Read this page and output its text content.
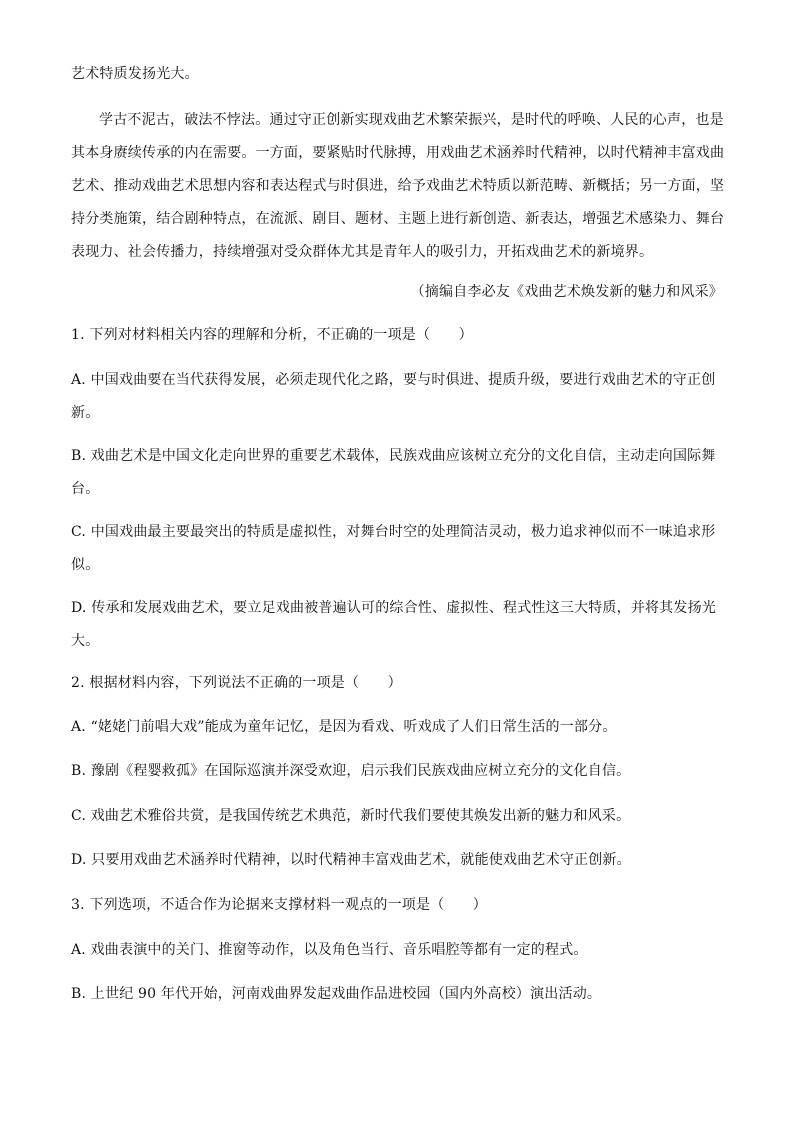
艺术特质发扬光大。
学古不泥古，破法不悖法。通过守正创新实现戏曲艺术繁荣振兴，是时代的呼唤、人民的心声，也是
其本身赓续传承的内在需要。一方面，要紧贴时代脉搏，用戏曲艺术涵养时代精神，以时代精神丰富戏曲
艺术、推动戏曲艺术思想内容和表达程式与时俱进，给予戏曲艺术特质以新范畴、新概括；另一方面，坚
持分类施策，结合剧种特点，在流派、剧目、题材、主题上进行新创造、新表达，增强艺术感染力、舞台
表现力、社会传播力，持续增强对受众群体尤其是青年人的吸引力，开拓戏曲艺术的新境界。
（摘编自李必友《戏曲艺术焕发新的魅力和风采》
1. 下列对材料相关内容的理解和分析，不正确的一项是（　　）
A. 中国戏曲要在当代获得发展，必须走现代化之路，要与时俱进、提质升级，要进行戏曲艺术的守正创
新。
B. 戏曲艺术是中国文化走向世界的重要艺术载体，民族戏曲应该树立充分的文化自信，主动走向国际舞
台。
C. 中国戏曲最主要最突出的特质是虚拟性，对舞台时空的处理简洁灵动，极力追求神似而不一味追求形
似。
D. 传承和发展戏曲艺术，要立足戏曲被普遍认可的综合性、虚拟性、程式性这三大特质，并将其发扬光
大。
2. 根据材料内容，下列说法不正确的一项是（　　）
A. “姥姥门前唱大戏”能成为童年记忆，是因为看戏、听戏成了人们日常生活的一部分。
B. 豫剧《程婴救孤》在国际巡演并深受欢迎，启示我们民族戏曲应树立充分的文化自信。
C. 戏曲艺术雅俗共赏，是我国传统艺术典范，新时代我们要使其焕发出新的魅力和风采。
D. 只要用戏曲艺术涵养时代精神，以时代精神丰富戏曲艺术，就能使戏曲艺术守正创新。
3. 下列选项，不适合作为论据来支撑材料一观点的一项是（　　）
A. 戏曲表演中的关门、推窗等动作，以及角色当行、音乐唱腔等都有一定的程式。
B. 上世纪 90 年代开始，河南戏曲界发起戏曲作品进校园（国内外高校）演出活动。
